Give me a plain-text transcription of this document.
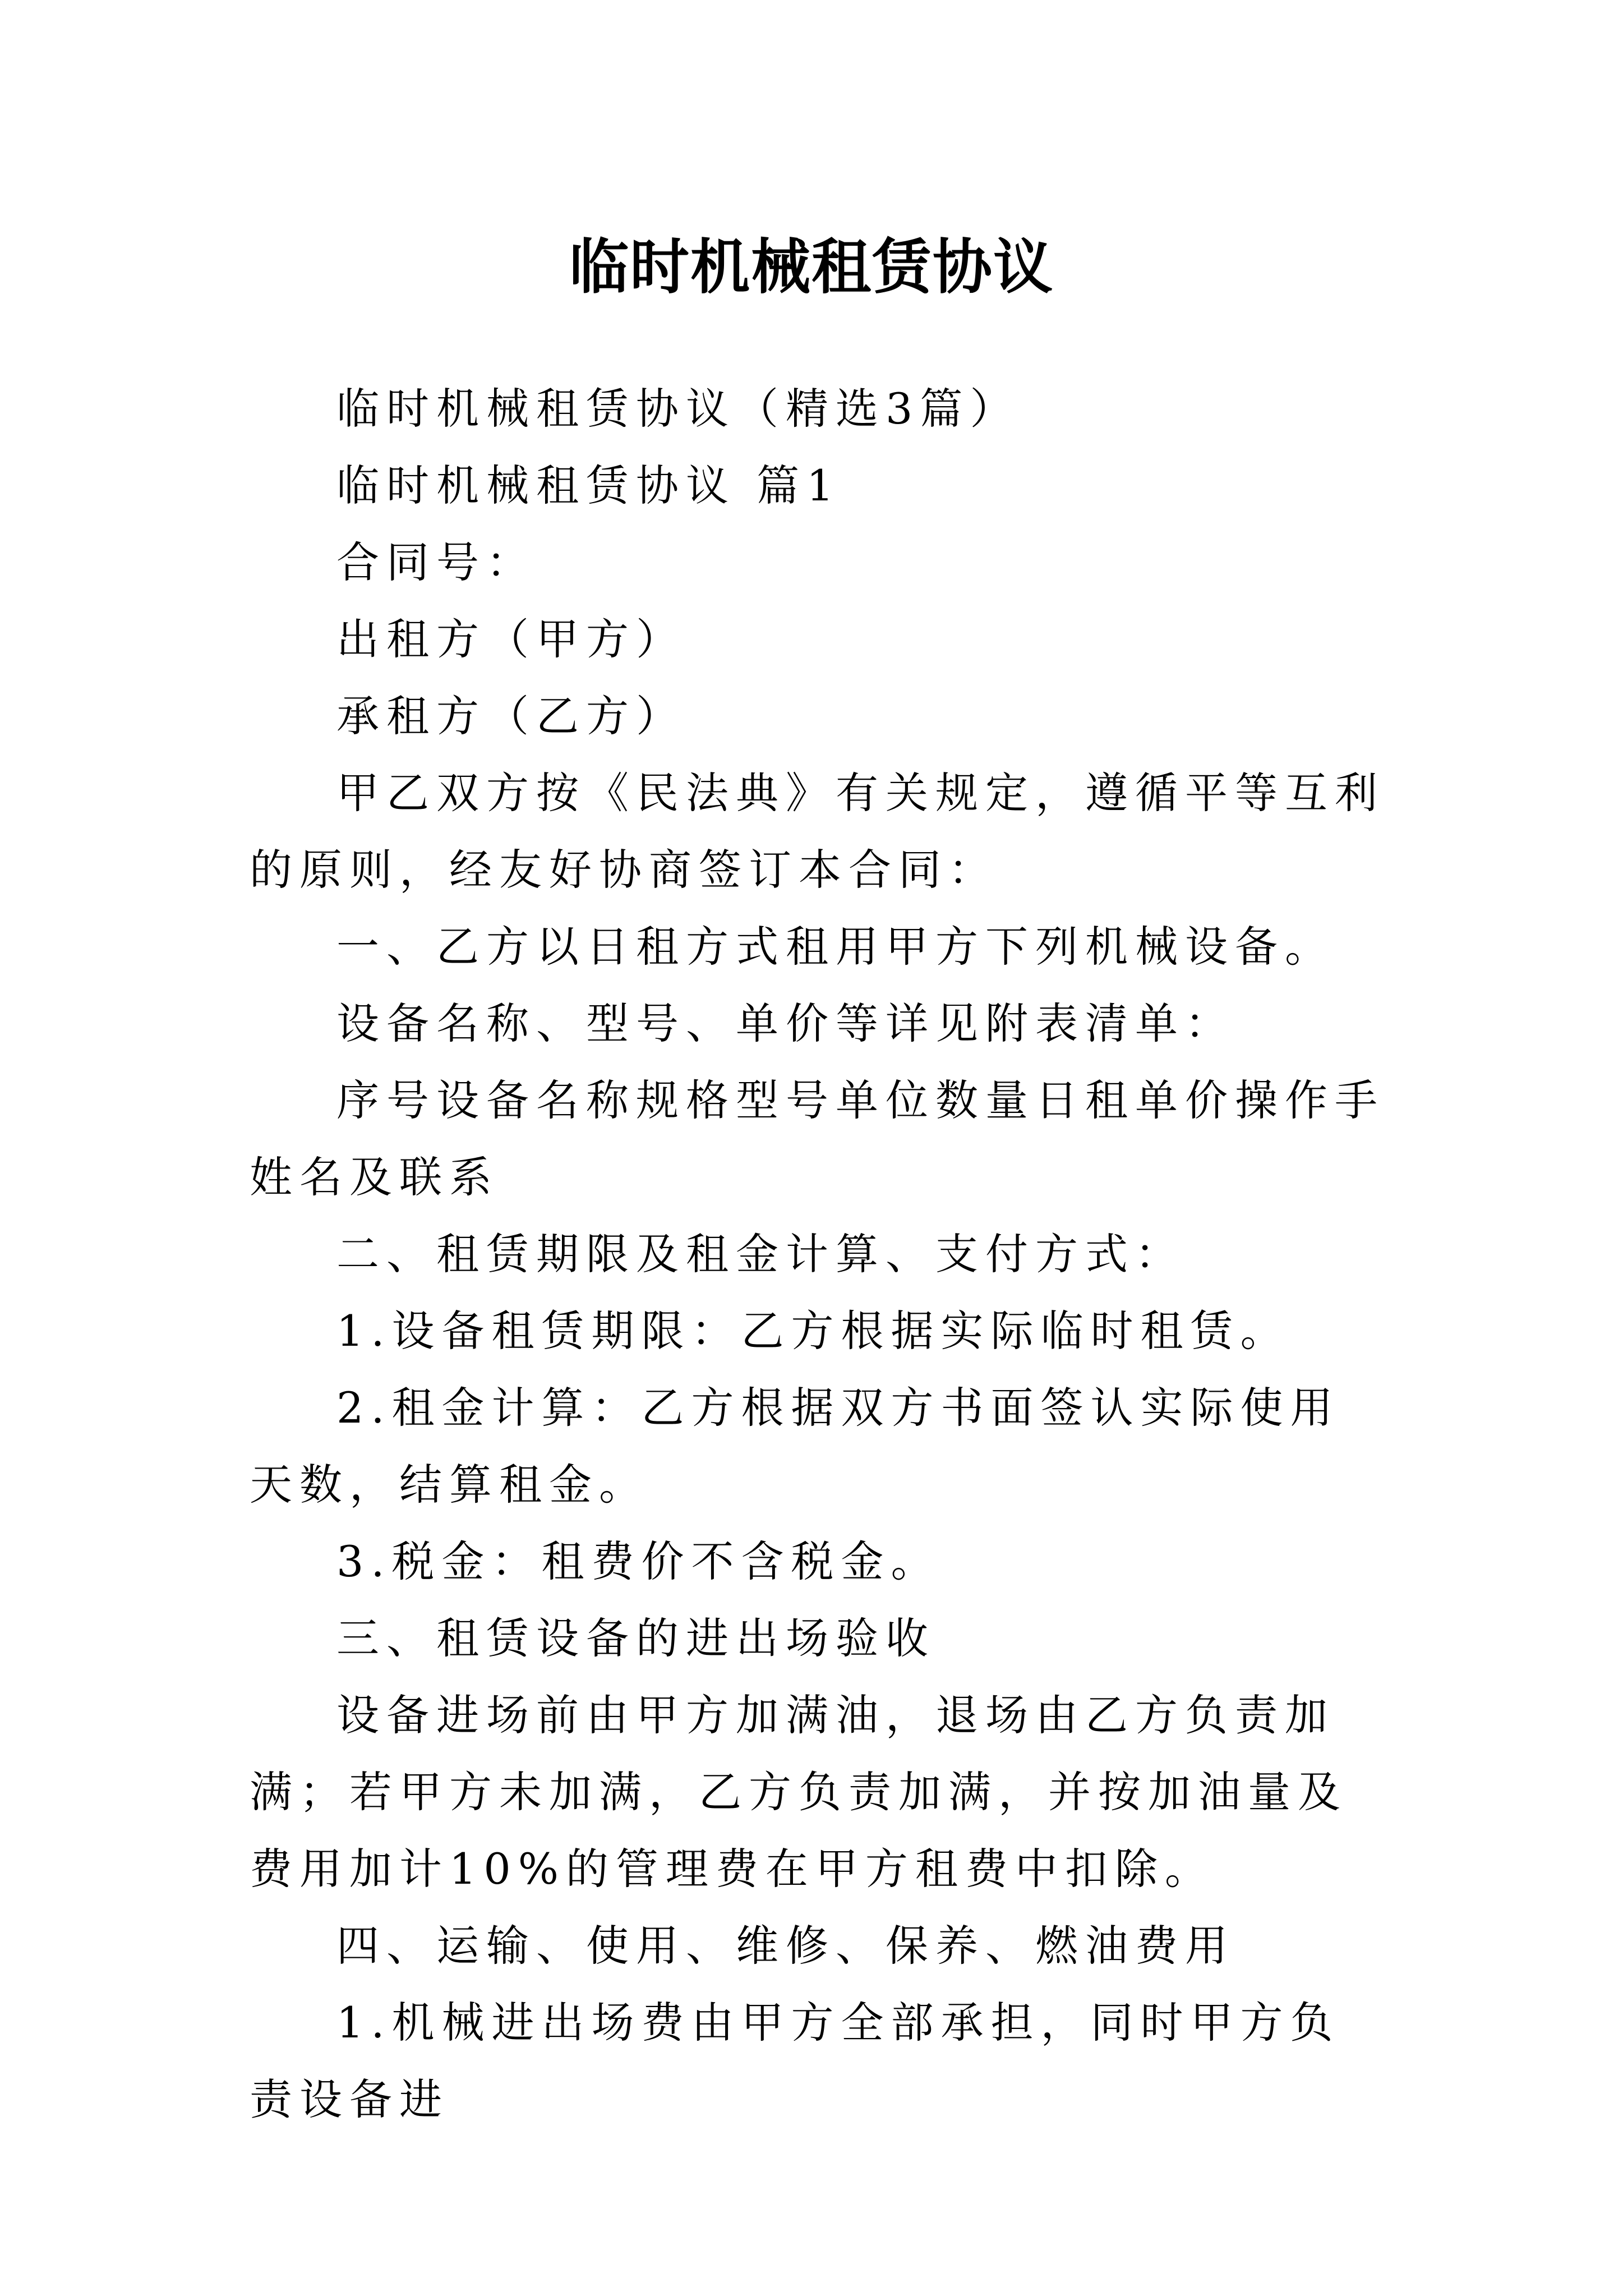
临时机械租赁协议

临时机械租赁协议（精选3篇）

临时机械租赁协议 篇1

合同号：

出租方（甲方）

承租方（乙方）

甲乙双方按《民法典》有关规定，遵循平等互利的原则，经友好协商签订本合同：

一、乙方以日租方式租用甲方下列机械设备。

设备名称、型号、单价等详见附表清单：

序号设备名称规格型号单位数量日租单价操作手姓名及联系

二、租赁期限及租金计算、支付方式：

1.设备租赁期限：乙方根据实际临时租赁。

2.租金计算：乙方根据双方书面签认实际使用天数，结算租金。

3.税金：租费价不含税金。

三、租赁设备的进出场验收

设备进场前由甲方加满油，退场由乙方负责加满；若甲方未加满，乙方负责加满，并按加油量及费用加计10%的管理费在甲方租费中扣除。

四、运输、使用、维修、保养、燃油费用

1.机械进出场费由甲方全部承担，同时甲方负责设备进
